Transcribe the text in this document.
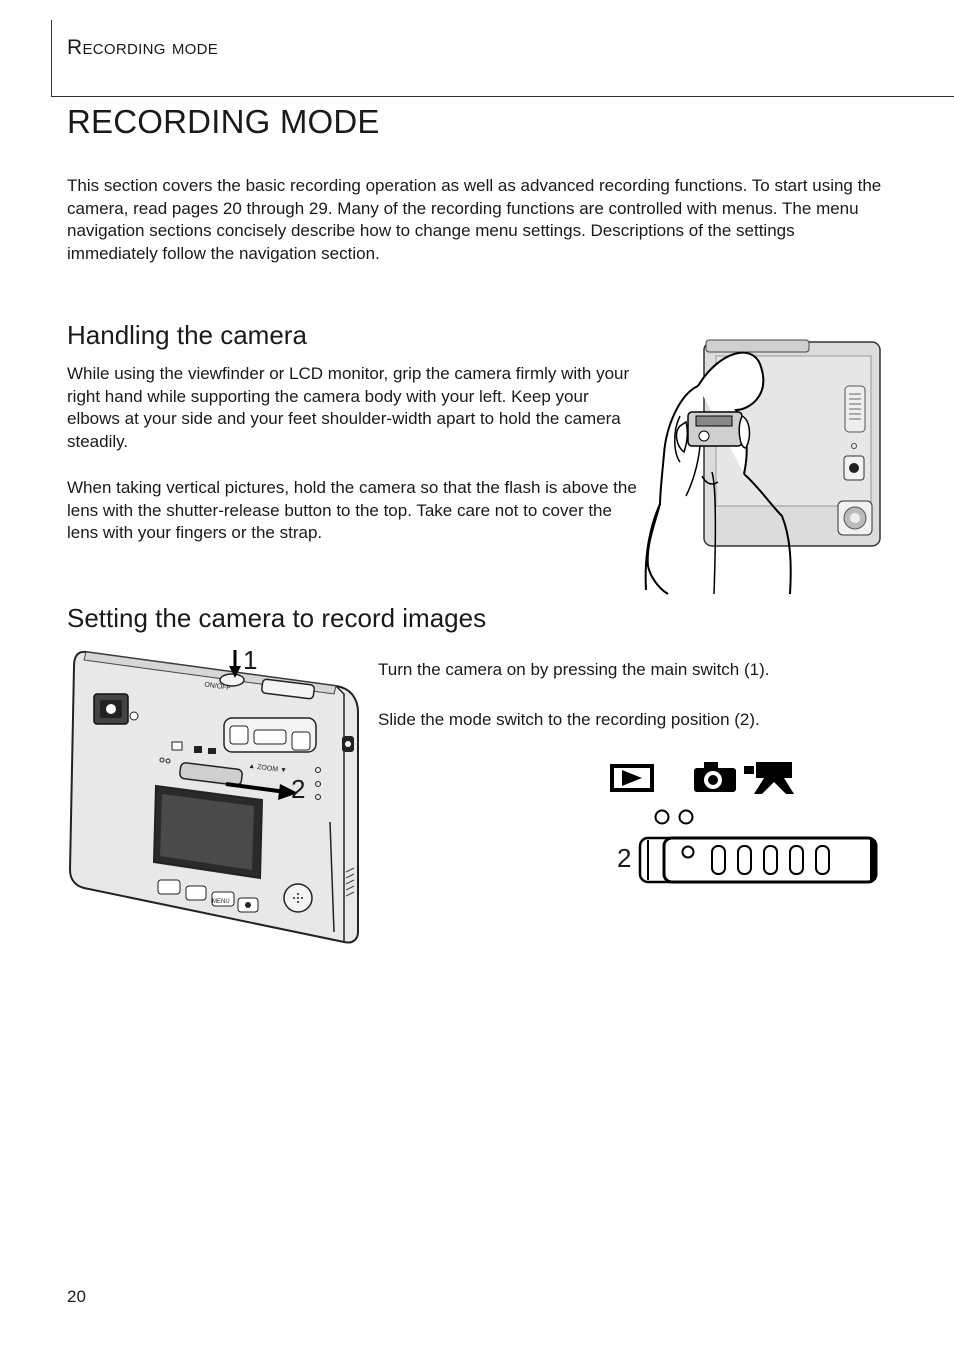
Recording mode
RECORDING MODE

This section covers the basic recording operation as well as advanced recording functions. To start using the camera, read pages 20 through 29. Many of the recording functions are controlled with menus. The menu navigation sections concisely describe how to change menu settings. Descriptions of the settings immediately follow the navigation section.

Handling the camera

While using the viewfinder or LCD monitor, grip the camera firmly with your right hand while supporting the camera body with your left. Keep your elbows at your side and your feet shoulder-width apart to hold the camera steadily.

When taking vertical pictures, hold the camera so that the flash is above the lens with the shutter-release button to the top. Take care not to cover the lens with your fingers or the strap.

Setting the camera to record images

Turn the camera on by pressing the main switch (1).

Slide the mode switch to the recording position (2).

ON/OFF
▲ ZOOM ▼
MENU
1
2
2
20
